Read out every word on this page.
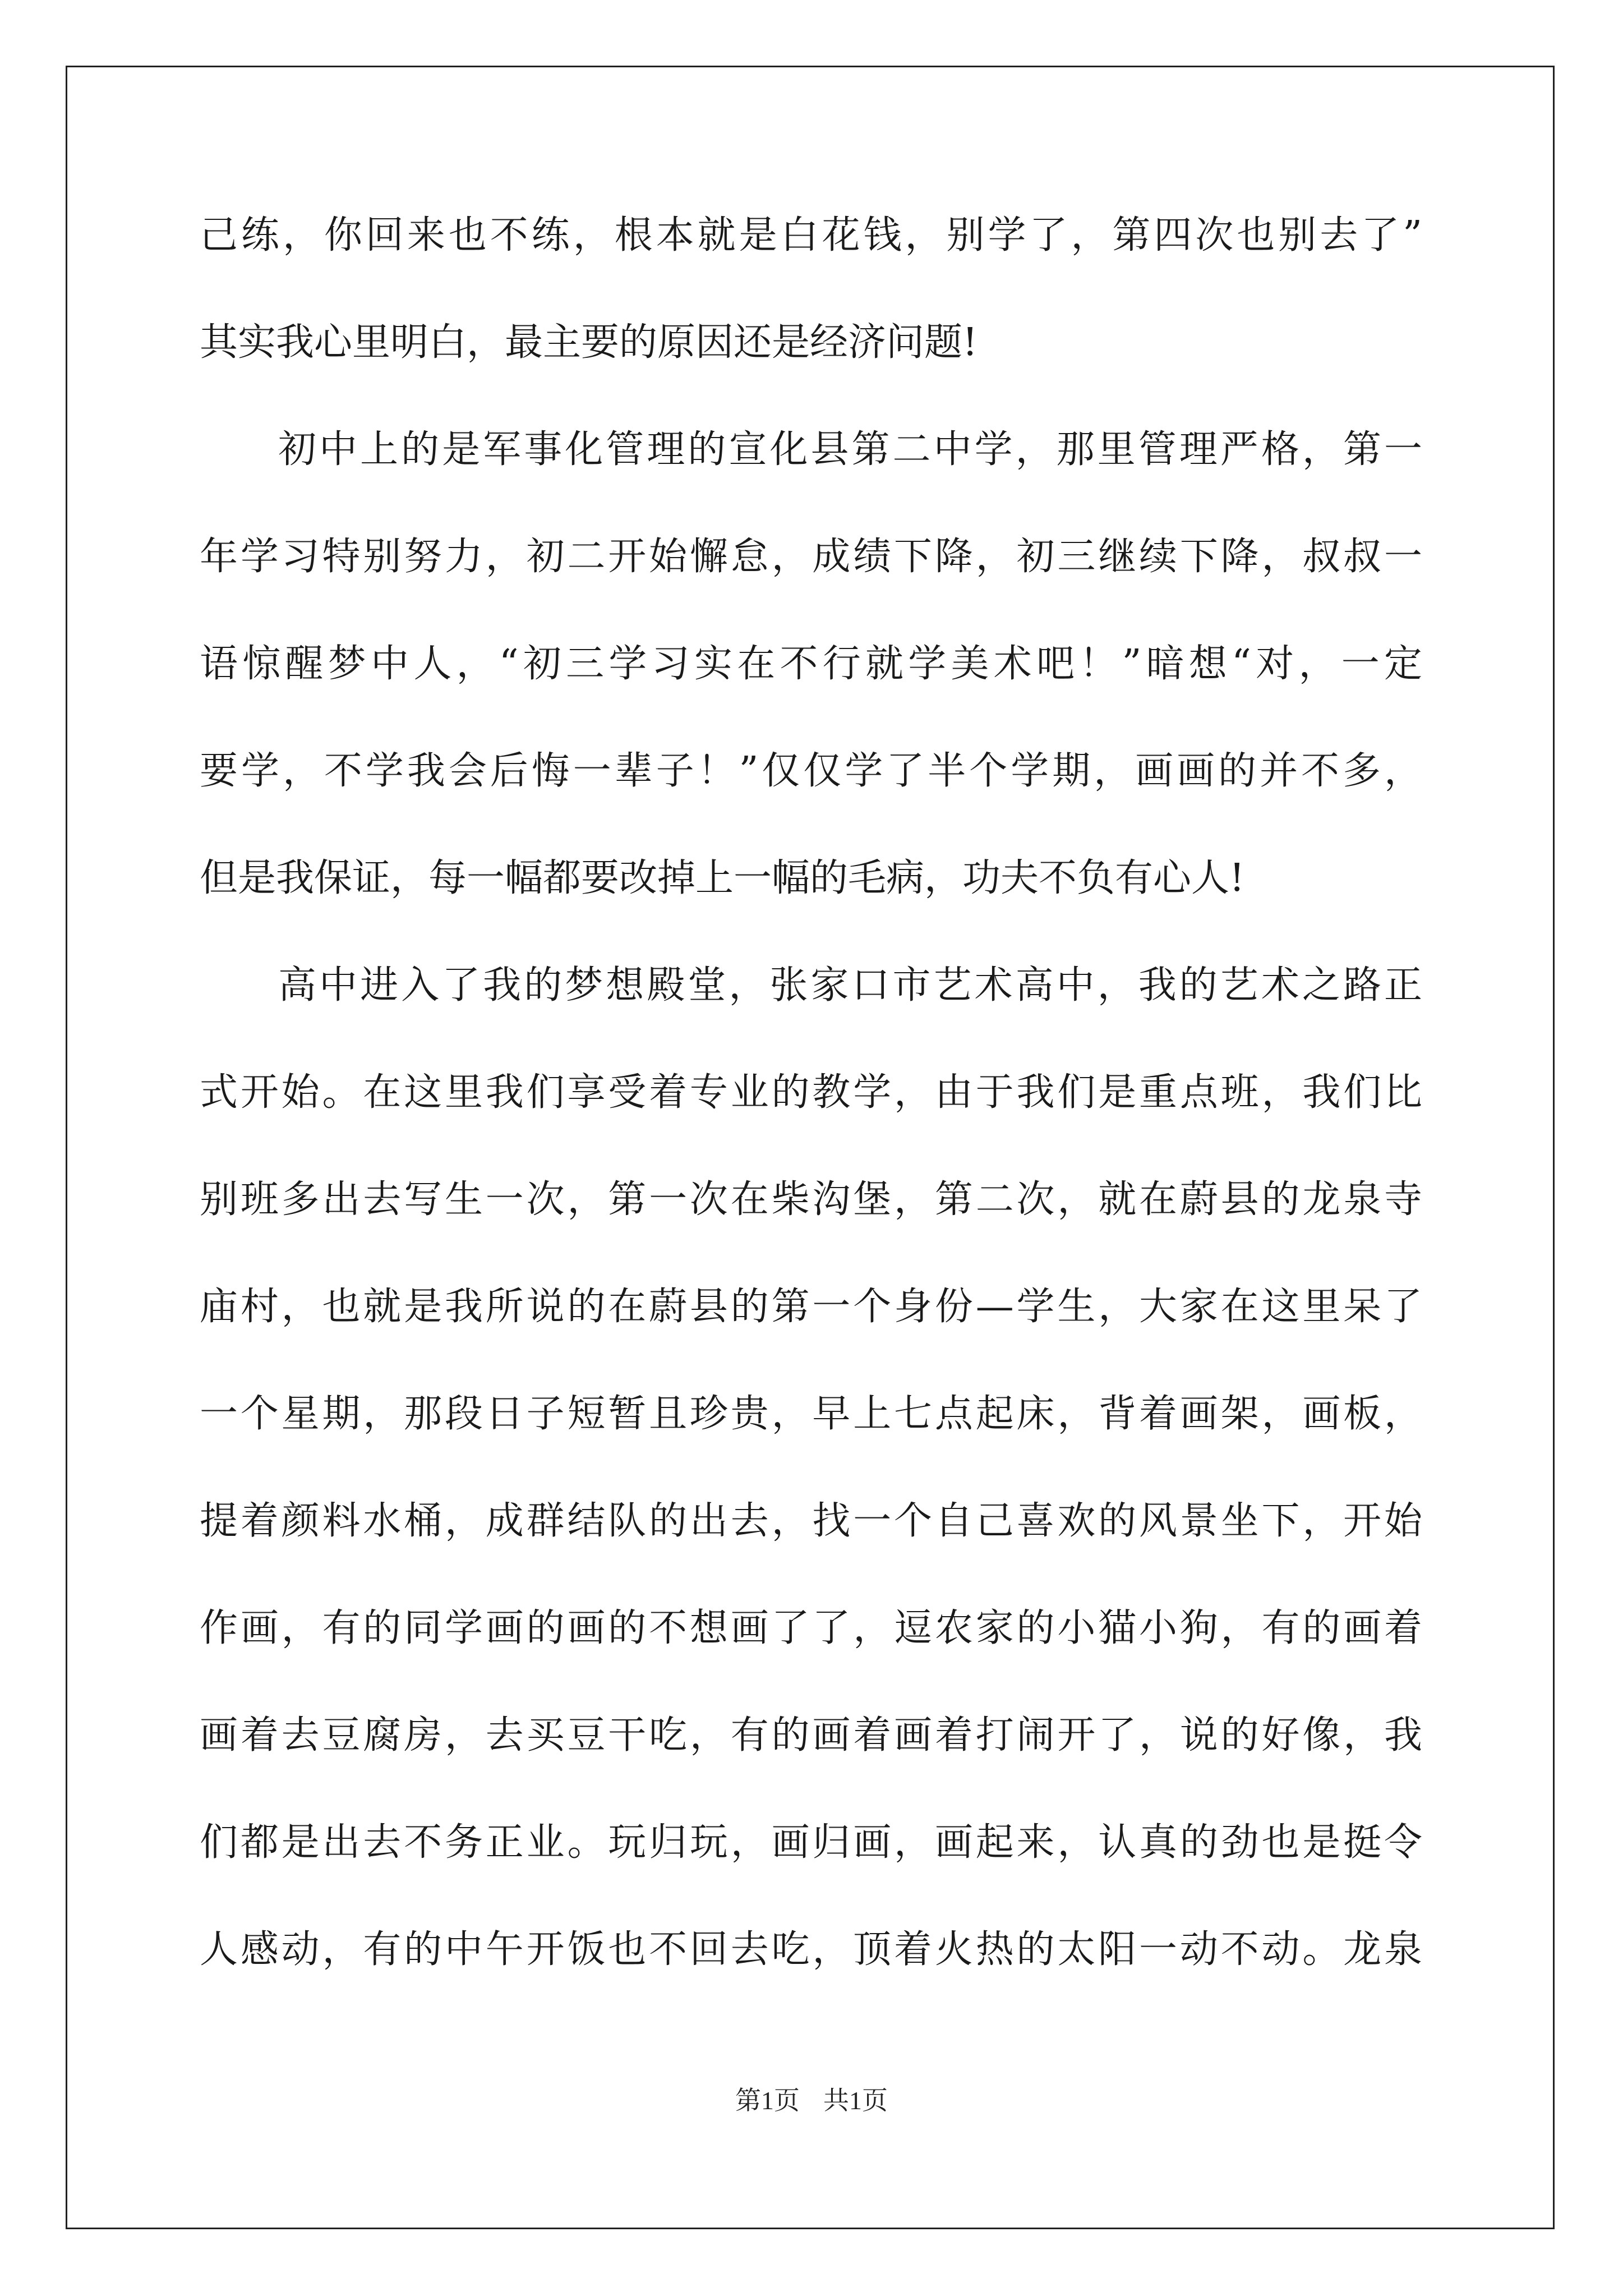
己练，你回来也不练，根本就是白花钱，别学了，第四次也别去了”
其实我心里明白，最主要的原因还是经济问题!
初中上的是军事化管理的宣化县第二中学，那里管理严格，第一
年学习特别努力，初二开始懈怠，成绩下降，初三继续下降，叔叔一
语惊醒梦中人，“初三学习实在不行就学美术吧！”暗想“对，一定
要学，不学我会后悔一辈子！”仅仅学了半个学期，画画的并不多，
但是我保证，每一幅都要改掉上一幅的毛病，功夫不负有心人!
高中进入了我的梦想殿堂，张家口市艺术高中，我的艺术之路正
式开始。在这里我们享受着专业的教学，由于我们是重点班，我们比
别班多出去写生一次，第一次在柴沟堡，第二次，就在蔚县的龙泉寺
庙村，也就是我所说的在蔚县的第一个身份—学生，大家在这里呆了
一个星期，那段日子短暂且珍贵，早上七点起床，背着画架，画板，
提着颜料水桶，成群结队的出去，找一个自己喜欢的风景坐下，开始
作画，有的同学画的画的不想画了了，逗农家的小猫小狗，有的画着
画着去豆腐房，去买豆干吃，有的画着画着打闹开了，说的好像，我
们都是出去不务正业。玩归玩，画归画，画起来，认真的劲也是挺令
人感动，有的中午开饭也不回去吃，顶着火热的太阳一动不动。龙泉
第1页 共1页
